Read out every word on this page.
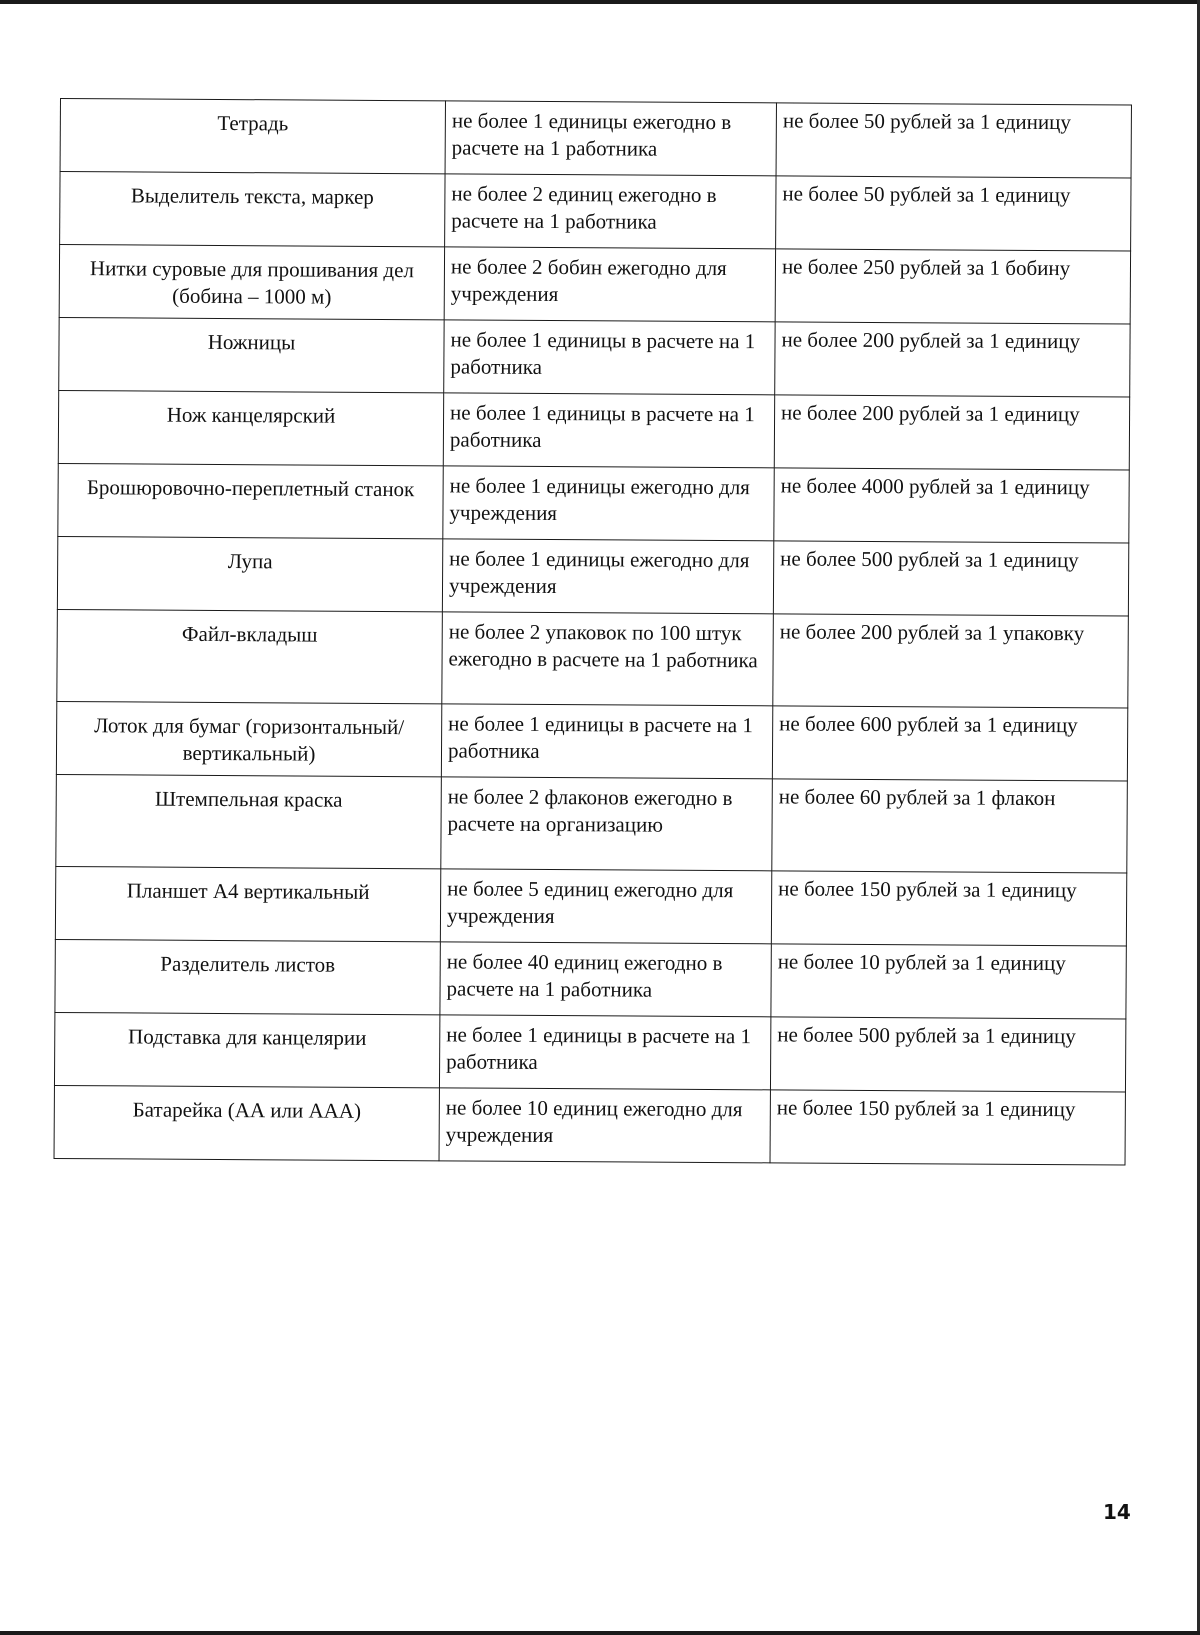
Тетрадь	не более 1 единицы ежегодно в расчете на 1 работника	не более 50 рублей за 1 единицу
Выделитель текста, маркер	не более 2 единиц ежегодно в расчете на 1 работника	не более 50 рублей за 1 единицу
Нитки суровые для прошивания дел (бобина – 1000 м)	не более 2 бобин ежегодно для учреждения	не более 250 рублей за 1 бобину
Ножницы	не более 1 единицы в расчете на 1 работника	не более 200 рублей за 1 единицу
Нож канцелярский	не более 1 единицы в расчете на 1 работника	не более 200 рублей за 1 единицу
Брошюровочно-переплетный станок	не более 1 единицы ежегодно для учреждения	не более 4000 рублей за 1 единицу
Лупа	не более 1 единицы ежегодно для учреждения	не более 500 рублей за 1 единицу
Файл-вкладыш	не более 2 упаковок по 100 штук ежегодно в расчете на 1 работника	не более 200 рублей за 1 упаковку
Лоток для бумаг (горизонтальный/вертикальный)	не более 1 единицы в расчете на 1 работника	не более 600 рублей за 1 единицу
Штемпельная краска	не более 2 флаконов ежегодно в расчете на организацию	не более 60 рублей за 1 флакон
Планшет А4 вертикальный	не более 5 единиц ежегодно для учреждения	не более 150 рублей за 1 единицу
Разделитель листов	не более 40 единиц ежегодно в расчете на 1 работника	не более 10 рублей за 1 единицу
Подставка для канцелярии	не более 1 единицы в расчете на 1 работника	не более 500 рублей за 1 единицу
Батарейка (АА или ААА)	не более 10 единиц ежегодно для учреждения	не более 150 рублей за 1 единицу
14
